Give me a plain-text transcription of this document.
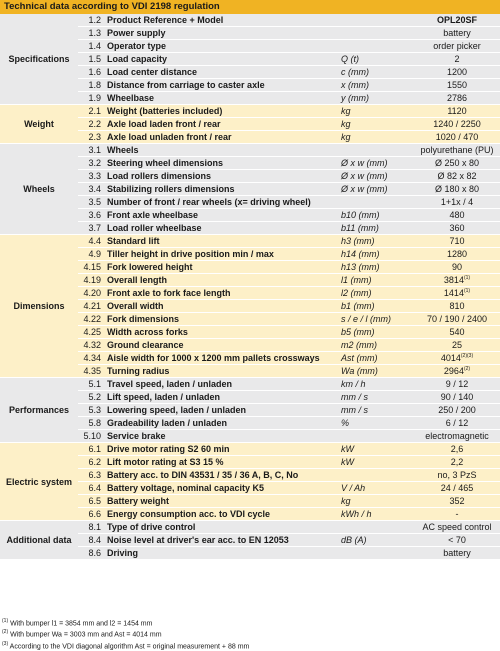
Technical data according to VDI 2198 regulation
Specifications	1.2	Product Reference + Model		OPL20SF
	1.3	Power supply		battery
	1.4	Operator type		order picker
	1.5	Load capacity	Q (t)	2
	1.6	Load center distance	c (mm)	1200
	1.8	Distance from carriage to caster axle	x (mm)	1550
	1.9	Wheelbase	y (mm)	2786
Weight	2.1	Weight (batteries included)	kg	1120
	2.2	Axle load laden front / rear	kg	1240 / 2250
	2.3	Axle load unladen front / rear	kg	1020 / 470
Wheels	3.1	Wheels		polyurethane (PU)
	3.2	Steering wheel dimensions	Ø x w (mm)	Ø 250 x 80
	3.3	Load rollers dimensions	Ø x w (mm)	Ø 82 x 82
	3.4	Stabilizing rollers dimensions	Ø x w (mm)	Ø 180 x 80
	3.5	Number of front / rear wheels (x= driving wheel)		1+1x / 4
	3.6	Front axle wheelbase	b10 (mm)	480
	3.7	Load roller wheelbase	b11 (mm)	360
Dimensions	4.4	Standard lift	h3 (mm)	710
	4.9	Tiller height in drive position min / max	h14 (mm)	1280
	4.15	Fork lowered height	h13 (mm)	90
	4.19	Overall length	l1 (mm)	3814$^{(1)}$
	4.20	Front axle to fork face length	l2 (mm)	1414$^{(1)}$
	4.21	Overall width	b1 (mm)	810
	4.22	Fork dimensions	s / e / l (mm)	70 / 190 / 2400
	4.25	Width across forks	b5 (mm)	540
	4.32	Ground clearance	m2 (mm)	25
	4.34	Aisle width for 1000 x 1200 mm pallets crossways	Ast (mm)	$4014^{(2)(3)}$
	4.35	Turning radius	Wa (mm)	2964$^{(2)}$
Performances	5.1	Travel speed, laden / unladen	km / h	9 / 12
	5.2	Lift speed, laden / unladen	mm / s	90 / 140
	5.3	Lowering speed, laden / unladen	mm / s	250 / 200
	5.8	Gradeability laden / unladen	%	6 / 12
	5.10	Service brake		electromagnetic
Electric system	6.1	Drive motor rating S2 60 min	kW	2,6
	6.2	Lift motor rating at S3 15 %	kW	2,2
	6.3	Battery acc. to DIN 43531 / 35 / 36 A, B, C, No		no, 3 PzS
	6.4	Battery voltage, nominal capacity K5	V / Ah	24 / 465
	6.5	Battery weight	kg	352
	6.6	Energy consumption acc. to VDI cycle	kWh / h	-
Additional data	8.1	Type of drive control		AC speed control
	8.4	Noise level at driver's ear acc. to EN 12053	dB (A)	< 70
	8.6	Driving		battery
$^{(1)}$ With bumper l1 = 3854 mm and l2 = 1454 mm
$^{(2)}$ With bumper Wa = 3003 mm and Ast = 4014 mm
$^{(3)}$ According to the VDI diagonal algorithm Ast = original measurement + 88 mm
